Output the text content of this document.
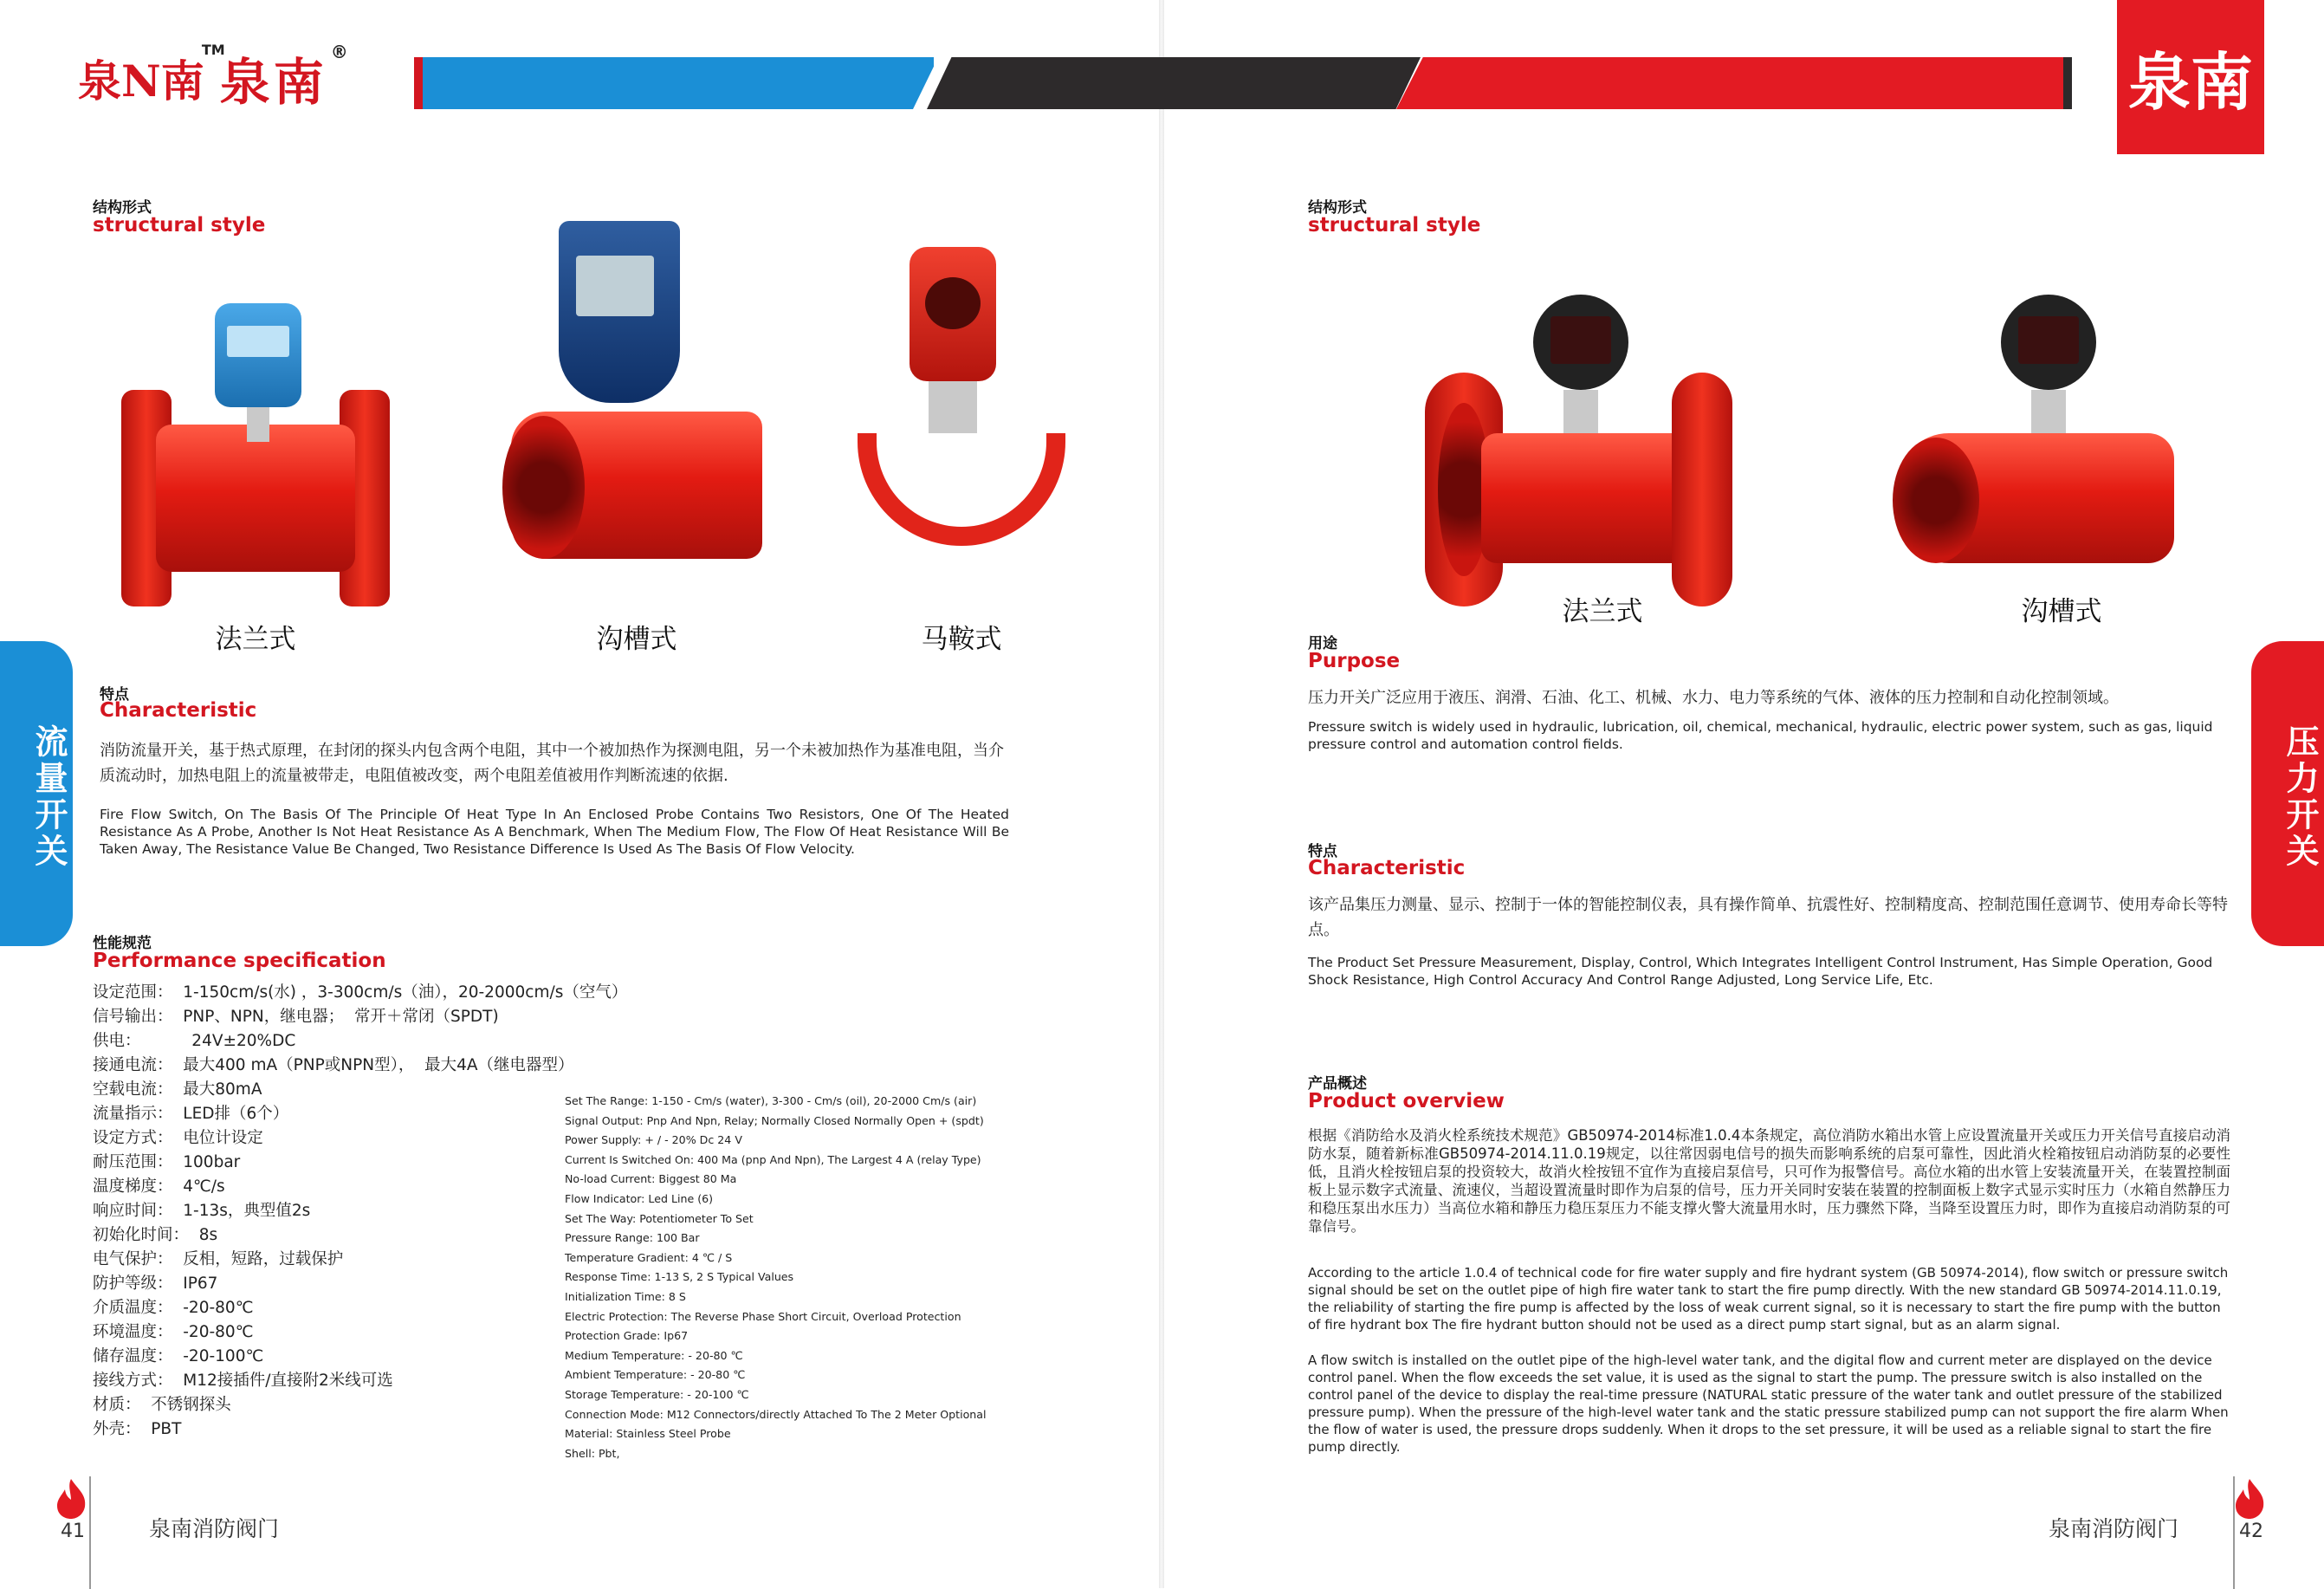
泉N南
TM
泉南
®	泉南
流量开关	压力开关
结构形式
structural style
法兰式	沟槽式	马鞍式
特点
Characteristic
消防流量开关，基于热式原理，在封闭的探头内包含两个电阻，其中一个被加热作为探测电阻，另一个未被加热作为基准电阻，当介质流动时，加热电阻上的流量被带走，电阻值被改变，两个电阻差值被用作判断流速的依据.
Fire Flow Switch, On The Basis Of The Principle Of Heat Type In An Enclosed Probe Contains Two Resistors, One Of The Heated Resistance As A Probe, Another Is Not Heat Resistance As A Benchmark, When The Medium Flow, The Flow Of Heat Resistance Will Be Taken Away, The Resistance Value Be Changed, Two Resistance Difference Is Used As The Basis Of Flow Velocity.
性能规范
Performance specification
设定范围：  1-150cm/s(水) ，3-300cm/s（油），20-2000cm/s（空气）
信号输出：  PNP、NPN，继电器；  常开＋常闭（SPDT)
供电：          24V±20%DC
接通电流：  最大400 mA（PNP或NPN型），  最大4A（继电器型）
空载电流：  最大80mA
流量指示：  LED排（6个）
设定方式：  电位计设定
耐压范围：  100bar
温度梯度：  4℃/s
响应时间：  1-13s，典型值2s
初始化时间：  8s
电气保护：  反相，短路，过载保护
防护等级：  IP67
介质温度：  -20-80℃
环境温度：  -20-80℃
储存温度：  -20-100℃
接线方式：  M12接插件/直接附2米线可选
材质：  不锈钢探头
外壳：  PBT
Set The Range: 1-150 - Cm/s (water), 3-300 - Cm/s (oil), 20-2000 Cm/s (air)
Signal Output: Pnp And Npn, Relay; Normally Closed Normally Open + (spdt)
Power Supply: + / - 20% Dc 24 V
Current Is Switched On: 400 Ma (pnp And Npn), The Largest 4 A (relay Type)
No-load Current: Biggest 80 Ma
Flow Indicator: Led Line (6)
Set The Way: Potentiometer To Set
Pressure Range: 100 Bar
Temperature Gradient: 4 ℃ / S
Response Time: 1-13 S, 2 S Typical Values
Initialization Time: 8 S
Electric Protection: The Reverse Phase Short Circuit, Overload Protection
Protection Grade: Ip67
Medium Temperature: - 20-80 ℃
Ambient Temperature: - 20-80 ℃
Storage Temperature: - 20-100 ℃
Connection Mode: M12 Connectors/directly Attached To The 2 Meter Optional
Material: Stainless Steel Probe
Shell: Pbt,
结构形式
structural style
法兰式	沟槽式
用途
Purpose
压力开关广泛应用于液压、润滑、石油、化工、机械、水力、电力等系统的气体、液体的压力控制和自动化控制领域。
Pressure switch is widely used in hydraulic, lubrication, oil, chemical, mechanical, hydraulic, electric power system, such as gas, liquid pressure control and automation control fields.
特点
Characteristic
该产品集压力测量、显示、控制于一体的智能控制仪表，具有操作简单、抗震性好、控制精度高、控制范围任意调节、使用寿命长等特点。
The Product Set Pressure Measurement, Display, Control, Which Integrates Intelligent Control Instrument, Has Simple Operation, Good Shock Resistance, High Control Accuracy And Control Range Adjusted, Long Service Life, Etc.
产品概述
Product overview
根据《消防给水及消火栓系统技术规范》GB50974-2014标准1.0.4本条规定，高位消防水箱出水管上应设置流量开关或压力开关信号直接启动消防水泵，随着新标准GB50974-2014.11.0.19规定，以往常因弱电信号的损失而影响系统的启泵可靠性，因此消火栓箱按钮启动消防泵的必要性低，且消火栓按钮启泵的投资较大，故消火栓按钮不宜作为直接启泵信号，只可作为报警信号。高位水箱的出水管上安装流量开关，在装置控制面板上显示数字式流量、流速仪，当超设置流量时即作为启泵的信号，压力开关同时安装在装置的控制面板上数字式显示实时压力（水箱自然静压力和稳压泵出水压力）当高位水箱和静压力稳压泵压力不能支撑火警大流量用水时，压力骤然下降，当降至设置压力时，即作为直接启动消防泵的可靠信号。
According to the article 1.0.4 of technical code for fire water supply and fire hydrant system (GB 50974-2014), flow switch or pressure switch signal should be set on the outlet pipe of high fire water tank to start the fire pump directly. With the new standard GB 50974-2014.11.0.19, the reliability of starting the fire pump is affected by the loss of weak current signal, so it is necessary to start the fire pump with the button of fire hydrant box The fire hydrant button should not be used as a direct pump start signal, but as an alarm signal.
A flow switch is installed on the outlet pipe of the high-level water tank, and the digital flow and current meter are displayed on the device control panel. When the flow exceeds the set value, it is used as the signal to start the pump. The pressure switch is also installed on the control panel of the device to display the real-time pressure (NATURAL static pressure of the water tank and outlet pressure of the stabilized pressure pump). When the pressure of the high-level water tank and the static pressure stabilized pump can not support the fire alarm When the flow of water is used, the pressure drops suddenly. When it drops to the set pressure, it will be used as a reliable signal to start the fire pump directly.
41	泉南消防阀门	42
泉南消防阀门
